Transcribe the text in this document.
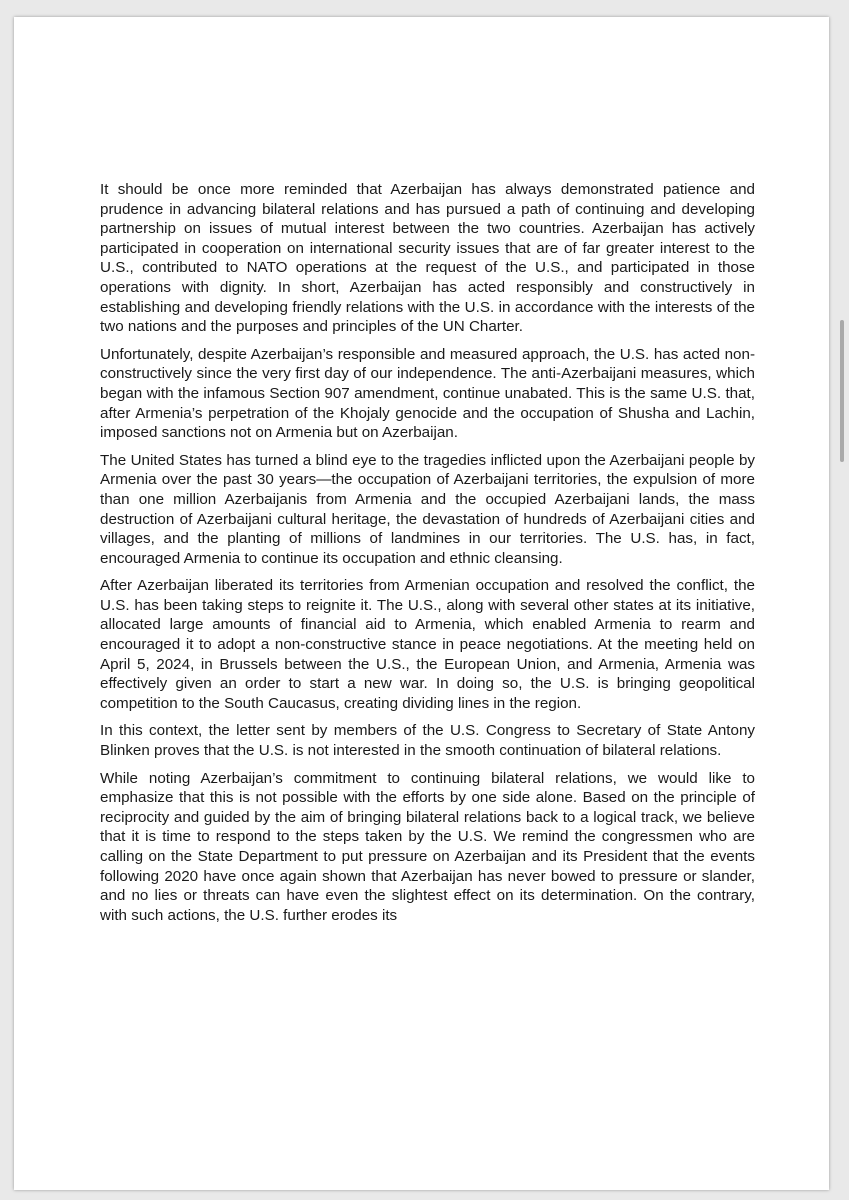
It should be once more reminded that Azerbaijan has always demonstrated patience and prudence in advancing bilateral relations and has pursued a path of continuing and developing partnership on issues of mutual interest between the two countries. Azerbaijan has actively participated in cooperation on international security issues that are of far greater interest to the U.S., contributed to NATO operations at the request of the U.S., and participated in those operations with dignity. In short, Azerbaijan has acted responsibly and constructively in establishing and developing friendly relations with the U.S. in accordance with the interests of the two nations and the purposes and principles of the UN Charter.

Unfortunately, despite Azerbaijan’s responsible and measured approach, the U.S. has acted non-constructively since the very first day of our independence. The anti-Azerbaijani measures, which began with the infamous Section 907 amendment, continue unabated. This is the same U.S. that, after Armenia’s perpetration of the Khojaly genocide and the occupation of Shusha and Lachin, imposed sanctions not on Armenia but on Azerbaijan.

The United States has turned a blind eye to the tragedies inflicted upon the Azerbaijani people by Armenia over the past 30 years—the occupation of Azerbaijani territories, the expulsion of more than one million Azerbaijanis from Armenia and the occupied Azerbaijani lands, the mass destruction of Azerbaijani cultural heritage, the devastation of hundreds of Azerbaijani cities and villages, and the planting of millions of landmines in our territories. The U.S. has, in fact, encouraged Armenia to continue its occupation and ethnic cleansing.

After Azerbaijan liberated its territories from Armenian occupation and resolved the conflict, the U.S. has been taking steps to reignite it. The U.S., along with several other states at its initiative, allocated large amounts of financial aid to Armenia, which enabled Armenia to rearm and encouraged it to adopt a non-constructive stance in peace negotiations. At the meeting held on April 5, 2024, in Brussels between the U.S., the European Union, and Armenia, Armenia was effectively given an order to start a new war. In doing so, the U.S. is bringing geopolitical competition to the South Caucasus, creating dividing lines in the region.

In this context, the letter sent by members of the U.S. Congress to Secretary of State Antony Blinken proves that the U.S. is not interested in the smooth continuation of bilateral relations.

While noting Azerbaijan’s commitment to continuing bilateral relations, we would like to emphasize that this is not possible with the efforts by one side alone. Based on the principle of reciprocity and guided by the aim of bringing bilateral relations back to a logical track, we believe that it is time to respond to the steps taken by the U.S. We remind the congressmen who are calling on the State Department to put pressure on Azerbaijan and its President that the events following 2020 have once again shown that Azerbaijan has never bowed to pressure or slander, and no lies or threats can have even the slightest effect on its determination. On the contrary, with such actions, the U.S. further erodes its
